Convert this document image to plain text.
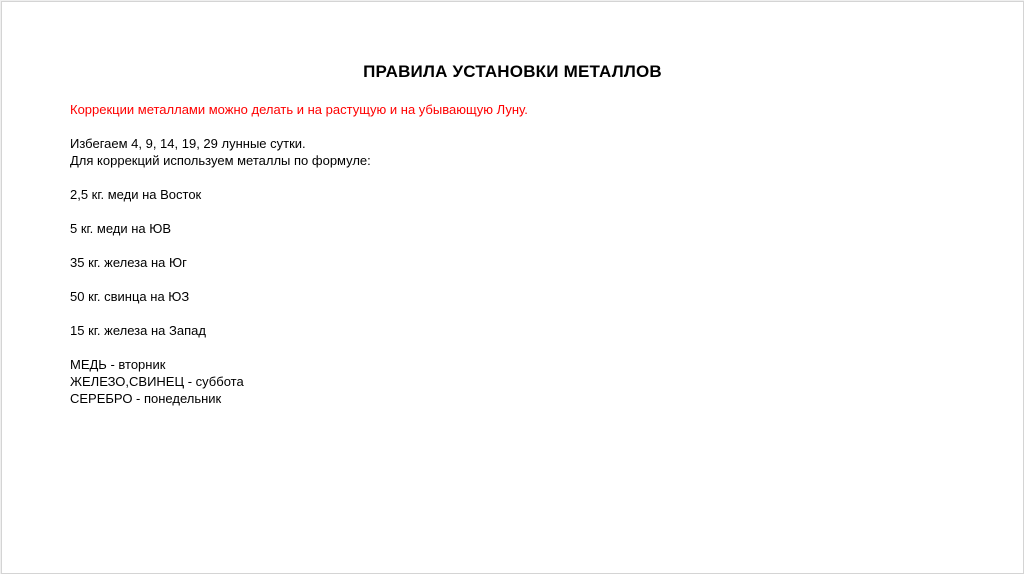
ПРАВИЛА УСТАНОВКИ МЕТАЛЛОВ
Коррекции металлами можно делать и на растущую и на убывающую Луну.
Избегаем 4, 9, 14, 19, 29 лунные сутки.
Для коррекций используем металлы по формуле:
2,5 кг. меди на Восток
5 кг. меди на ЮВ
35 кг. железа на Юг
50 кг. свинца на ЮЗ
15 кг. железа на Запад
МЕДЬ - вторник
ЖЕЛЕЗО,СВИНЕЦ - суббота
СЕРЕБРО - понедельник
